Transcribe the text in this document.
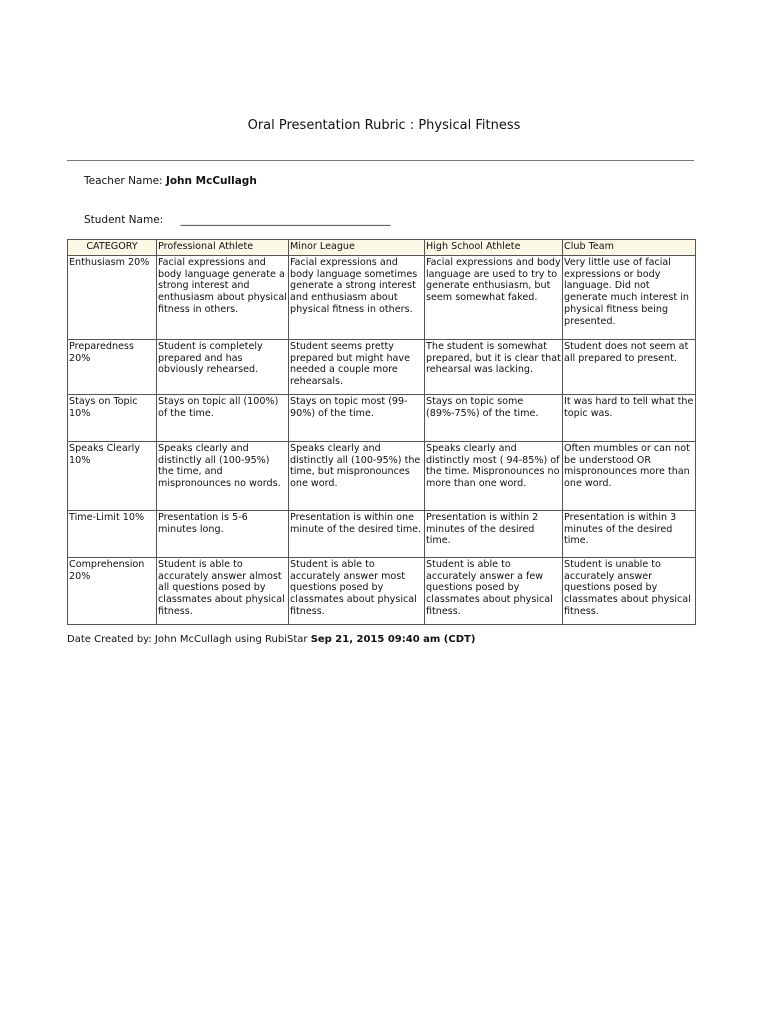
Oral Presentation Rubric : Physical Fitness
Teacher Name: John McCullagh
Student Name: ________________________________________
CATEGORY	Professional Athlete	Minor League	High School Athlete	Club Team
Enthusiasm 20%	Facial expressions and body language generate a strong interest and enthusiasm about physical fitness in others.	Facial expressions and body language sometimes generate a strong interest and enthusiasm about physical fitness in others.	Facial expressions and body language are used to try to generate enthusiasm, but seem somewhat faked.	Very little use of facial expressions or body language. Did not generate much interest in physical fitness being presented.
Preparedness 20%	Student is completely prepared and has obviously rehearsed.	Student seems pretty prepared but might have needed a couple more rehearsals.	The student is somewhat prepared, but it is clear that rehearsal was lacking.	Student does not seem at all prepared to present.
Stays on Topic 10%	Stays on topic all (100%) of the time.	Stays on topic most (99-90%) of the time.	Stays on topic some (89%-75%) of the time.	It was hard to tell what the topic was.
Speaks Clearly 10%	Speaks clearly and distinctly all (100-95%) the time, and mispronounces no words.	Speaks clearly and distinctly all (100-95%) the time, but mispronounces one word.	Speaks clearly and distinctly most ( 94-85%) of the time. Mispronounces no more than one word.	Often mumbles or can not be understood OR mispronounces more than one word.
Time-Limit 10%	Presentation is 5-6 minutes long.	Presentation is within one minute of the desired time.	Presentation is within 2 minutes of the desired time.	Presentation is within 3 minutes of the desired time.
Comprehension 20%	Student is able to accurately answer almost all questions posed by classmates about physical fitness.	Student is able to accurately answer most questions posed by classmates about physical fitness.	Student is able to accurately answer a few questions posed by classmates about physical fitness.	Student is unable to accurately answer questions posed by classmates about physical fitness.
Date Created by: John McCullagh using RubiStar Sep 21, 2015 09:40 am (CDT)
